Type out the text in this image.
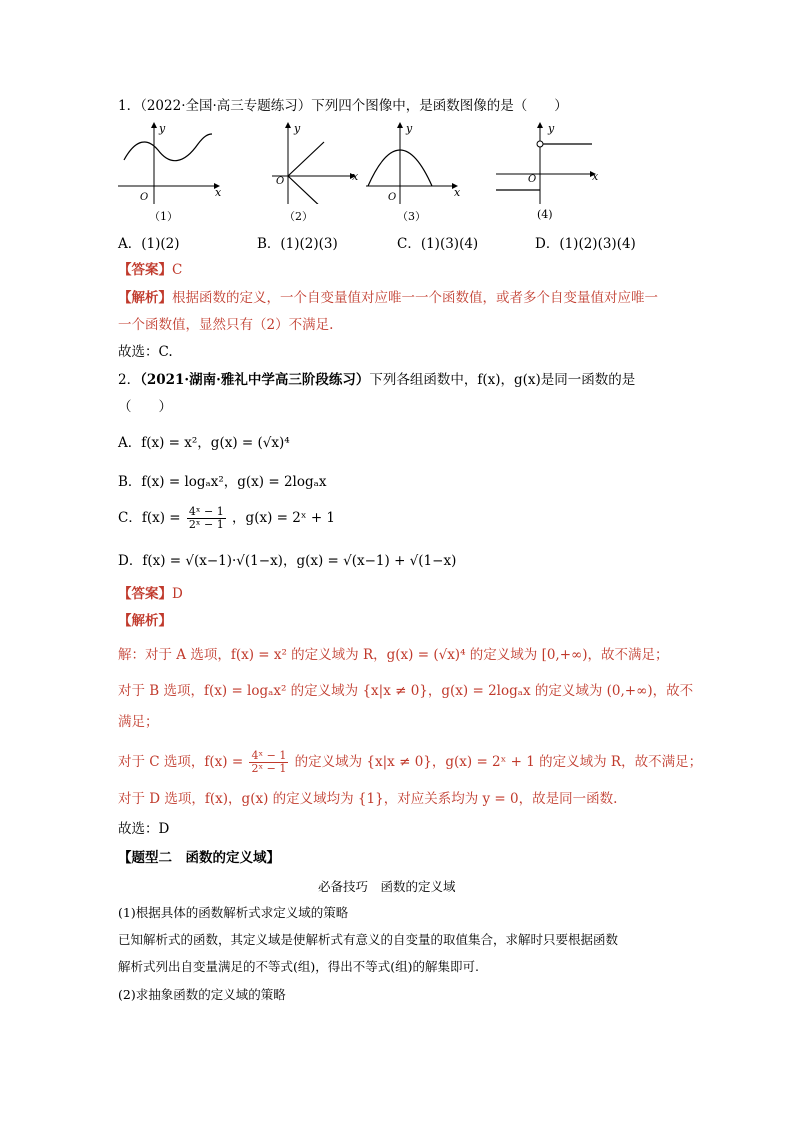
1．（2022·全国·高三专题练习）下列四个图像中，是函数图像的是（　　）
y
x
O
y
x
O
y
x
O
y
x
O
（1）	（2）	（3）	(4)
A．(1)(2)	B．(1)(2)(3)	C．(1)(3)(4)	D．(1)(2)(3)(4)
【答案】C
【解析】根据函数的定义，一个自变量值对应唯一一个函数值，或者多个自变量值对应唯一
一个函数值，显然只有（2）不满足.
故选：C.
2．（2021·湖南·雅礼中学高三阶段练习）下列各组函数中，f(x)，g(x)是同一函数的是
（　　）
A．f(x) = x²，g(x) = (√x)⁴
B．f(x) = logₐx²，g(x) = 2logₐx
C．$f(x) = \frac{\text{4ˣ − 1}}{\text{2ˣ − 1}}$ ，g(x) = 2ˣ + 1
D．f(x) = √(x−1)·√(1−x)，g(x) = √(x−1) + √(1−x)
【答案】D
【解析】
解：对于 A 选项，f(x) = x² 的定义域为 R，g(x) = (√x)⁴ 的定义域为 [0,+∞)，故不满足；
对于 B 选项，f(x) = logₐx² 的定义域为 {x|x ≠ 0}，g(x) = 2logₐx 的定义域为 (0,+∞)，故不
满足；
对于 C 选项，$f(x) = \frac{\text{4ˣ − 1}}{\text{2ˣ − 1}}$ 的定义域为 {x|x ≠ 0}，g(x) = 2ˣ + 1 的定义域为 R，故不满足；
对于 D 选项，f(x)，g(x) 的定义域均为 {1}，对应关系均为 y = 0，故是同一函数.
故选：D
【题型二　函数的定义域】
必备技巧　函数的定义域
(1)根据具体的函数解析式求定义域的策略
已知解析式的函数，其定义域是使解析式有意义的自变量的取值集合，求解时只要根据函数
解析式列出自变量满足的不等式(组)，得出不等式(组)的解集即可.
(2)求抽象函数的定义域的策略
